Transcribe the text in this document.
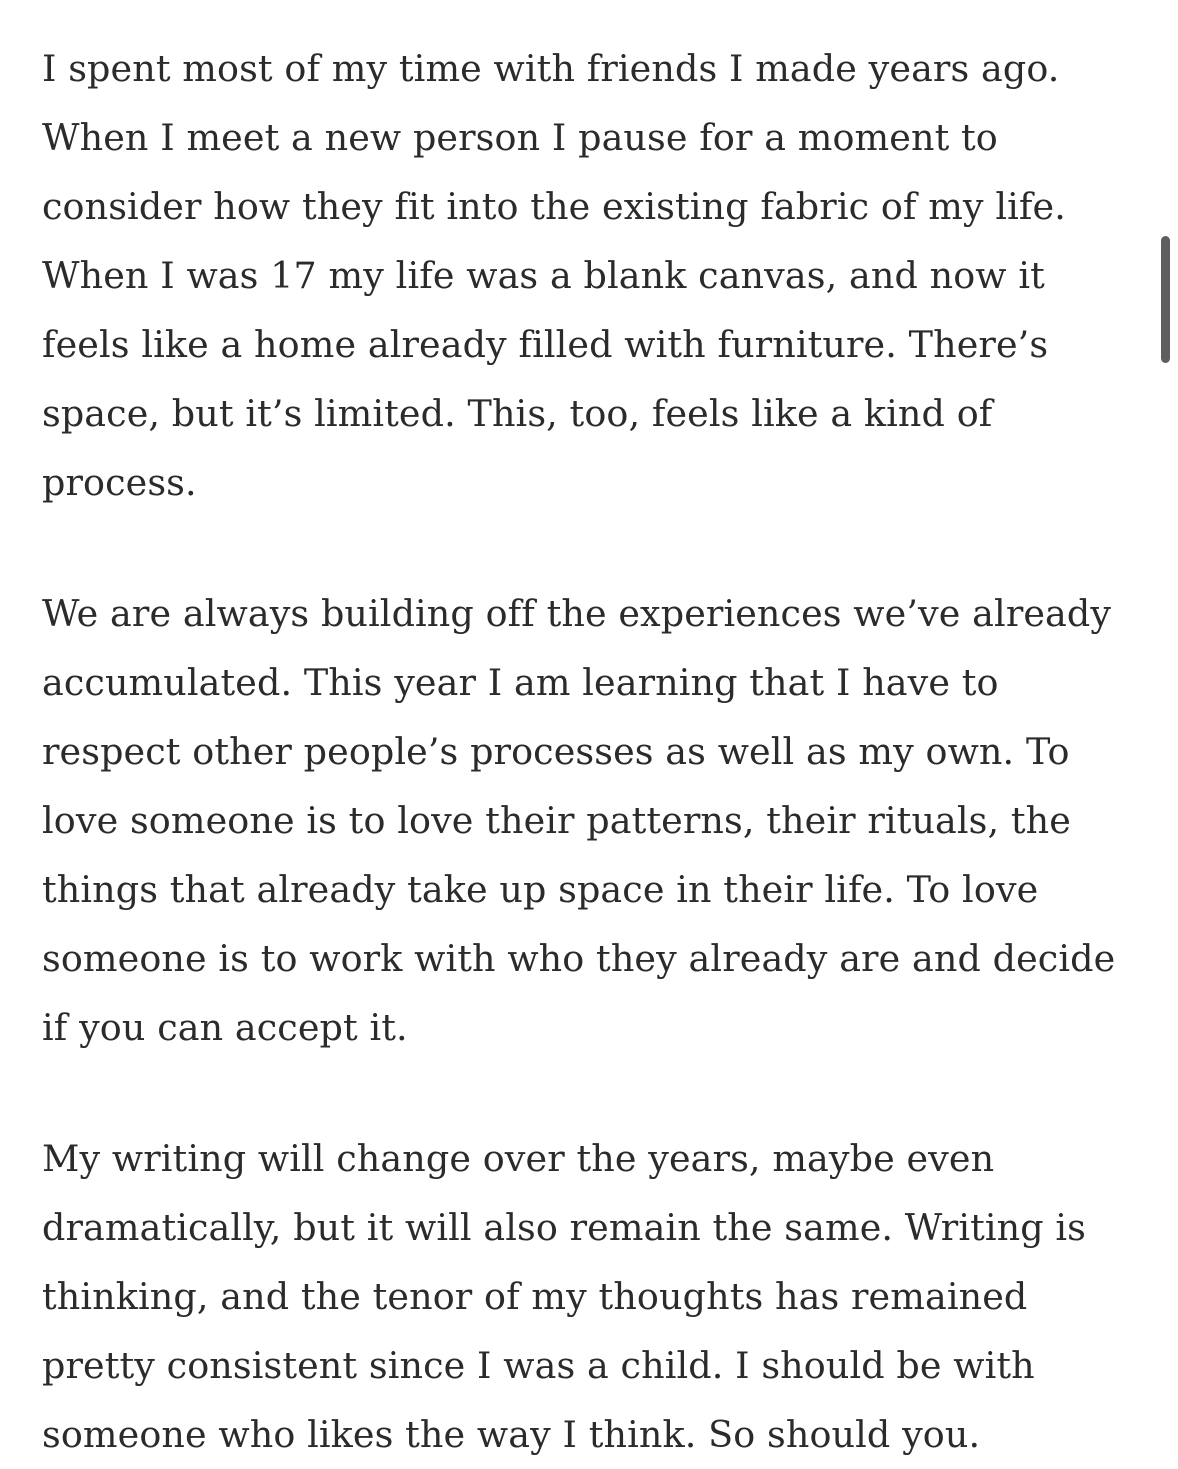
I spent most of my time with friends I made years ago.
When I meet a new person I pause for a moment to
consider how they fit into the existing fabric of my life.
When I was 17 my life was a blank canvas, and now it
feels like a home already filled with furniture. There’s
space, but it’s limited. This, too, feels like a kind of
process.

We are always building off the experiences we’ve already
accumulated. This year I am learning that I have to
respect other people’s processes as well as my own. To
love someone is to love their patterns, their rituals, the
things that already take up space in their life. To love
someone is to work with who they already are and decide
if you can accept it.

My writing will change over the years, maybe even
dramatically, but it will also remain the same. Writing is
thinking, and the tenor of my thoughts has remained
pretty consistent since I was a child. I should be with
someone who likes the way I think. So should you.
